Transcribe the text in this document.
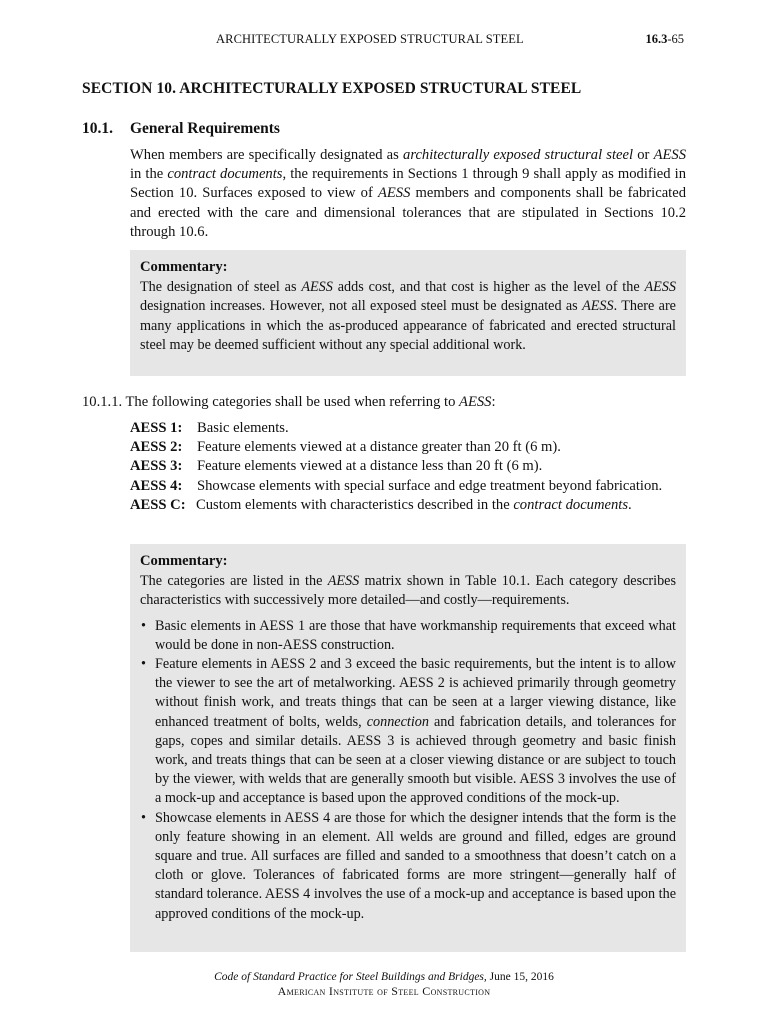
ARCHITECTURALLY EXPOSED STRUCTURAL STEEL	16.3-65
SECTION 10. ARCHITECTURALLY EXPOSED STRUCTURAL STEEL
10.1. General Requirements

When members are specifically designated as architecturally exposed structural steel or AESS in the contract documents, the requirements in Sections 1 through 9 shall apply as modified in Section 10. Surfaces exposed to view of AESS members and components shall be fabricated and erected with the care and dimensional tolerances that are stipulated in Sections 10.2 through 10.6.

Commentary:

The designation of steel as AESS adds cost, and that cost is higher as the level of the AESS designation increases. However, not all exposed steel must be designated as AESS. There are many applications in which the as-produced appearance of fabricated and erected structural steel may be deemed sufficient without any special additional work.

10.1.1. The following categories shall be used when referring to AESS:
AESS 1: Basic elements.
AESS 2: Feature elements viewed at a distance greater than 20 ft (6 m).
AESS 3: Feature elements viewed at a distance less than 20 ft (6 m).
AESS 4: Showcase elements with special surface and edge treatment beyond fabrication.
AESS C: Custom elements with characteristics described in the contract documents.
Commentary:

The categories are listed in the AESS matrix shown in Table 10.1. Each category describes characteristics with successively more detailed—and costly—requirements.

• Basic elements in AESS 1 are those that have workmanship requirements that exceed what would be done in non-AESS construction.
• Feature elements in AESS 2 and 3 exceed the basic requirements, but the intent is to allow the viewer to see the art of metalworking. AESS 2 is achieved primarily through geometry without finish work, and treats things that can be seen at a larger viewing distance, like enhanced treatment of bolts, welds, connection and fabrication details, and tolerances for gaps, copes and similar details. AESS 3 is achieved through geometry and basic finish work, and treats things that can be seen at a closer viewing distance or are subject to touch by the viewer, with welds that are generally smooth but visible. AESS 3 involves the use of a mock-up and acceptance is based upon the approved conditions of the mock-up.
• Showcase elements in AESS 4 are those for which the designer intends that the form is the only feature showing in an element. All welds are ground and filled, edges are ground square and true. All surfaces are filled and sanded to a smoothness that doesn’t catch on a cloth or glove. Tolerances of fabricated forms are more stringent—generally half of standard tolerance. AESS 4 involves the use of a mock-up and acceptance is based upon the approved conditions of the mock-up.
Code of Standard Practice for Steel Buildings and Bridges, June 15, 2016
American Institute of Steel Construction
